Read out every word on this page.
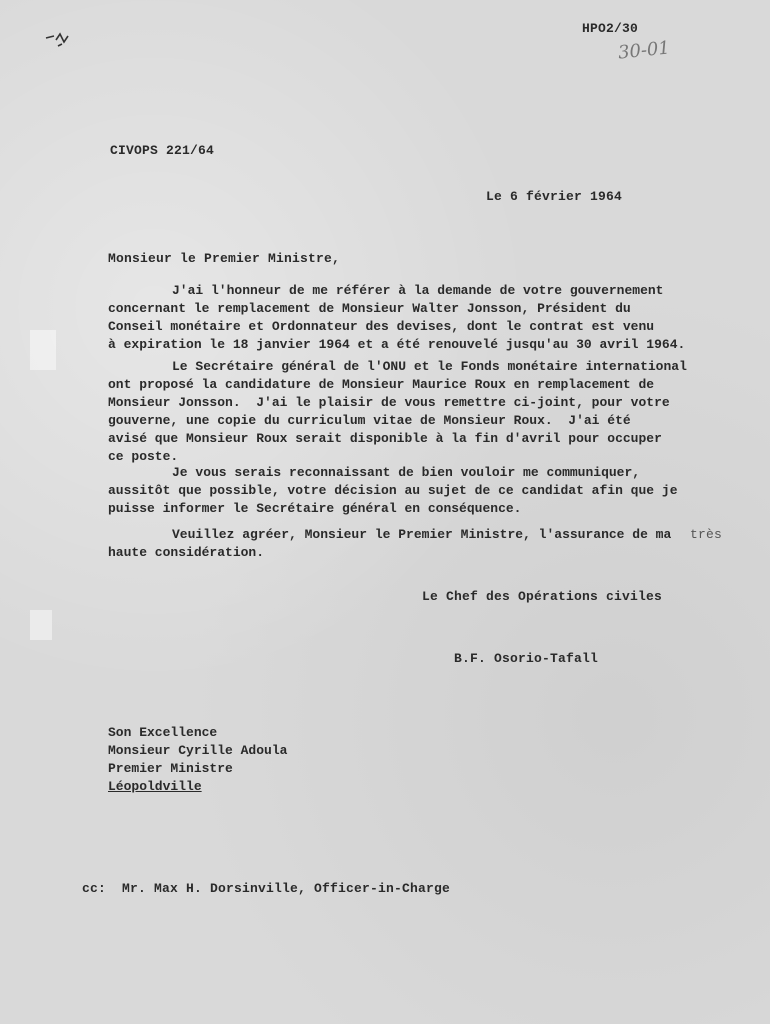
HPO2/30
30-01
CIVOPS 221/64
Le 6 février 1964
Monsieur le Premier Ministre,
J'ai l'honneur de me référer à la demande de votre gouvernement
concernant le remplacement de Monsieur Walter Jonsson, Président du
Conseil monétaire et Ordonnateur des devises, dont le contrat est venu
à expiration le 18 janvier 1964 et a été renouvelé jusqu'au 30 avril 1964.
Le Secrétaire général de l'ONU et le Fonds monétaire international
ont proposé la candidature de Monsieur Maurice Roux en remplacement de
Monsieur Jonsson.  J'ai le plaisir de vous remettre ci-joint, pour votre
gouverne, une copie du curriculum vitae de Monsieur Roux.  J'ai été
avisé que Monsieur Roux serait disponible à la fin d'avril pour occuper
ce poste.
Je vous serais reconnaissant de bien vouloir me communiquer,
aussitôt que possible, votre décision au sujet de ce candidat afin que je
puisse informer le Secrétaire général en conséquence.
Veuillez agréer, Monsieur le Premier Ministre, l'assurance de ma
haute considération.
très
Le Chef des Opérations civiles
B.F. Osorio-Tafall
Son Excellence
Monsieur Cyrille Adoula
Premier Ministre
Léopoldville
cc:  Mr. Max H. Dorsinville, Officer-in-Charge
